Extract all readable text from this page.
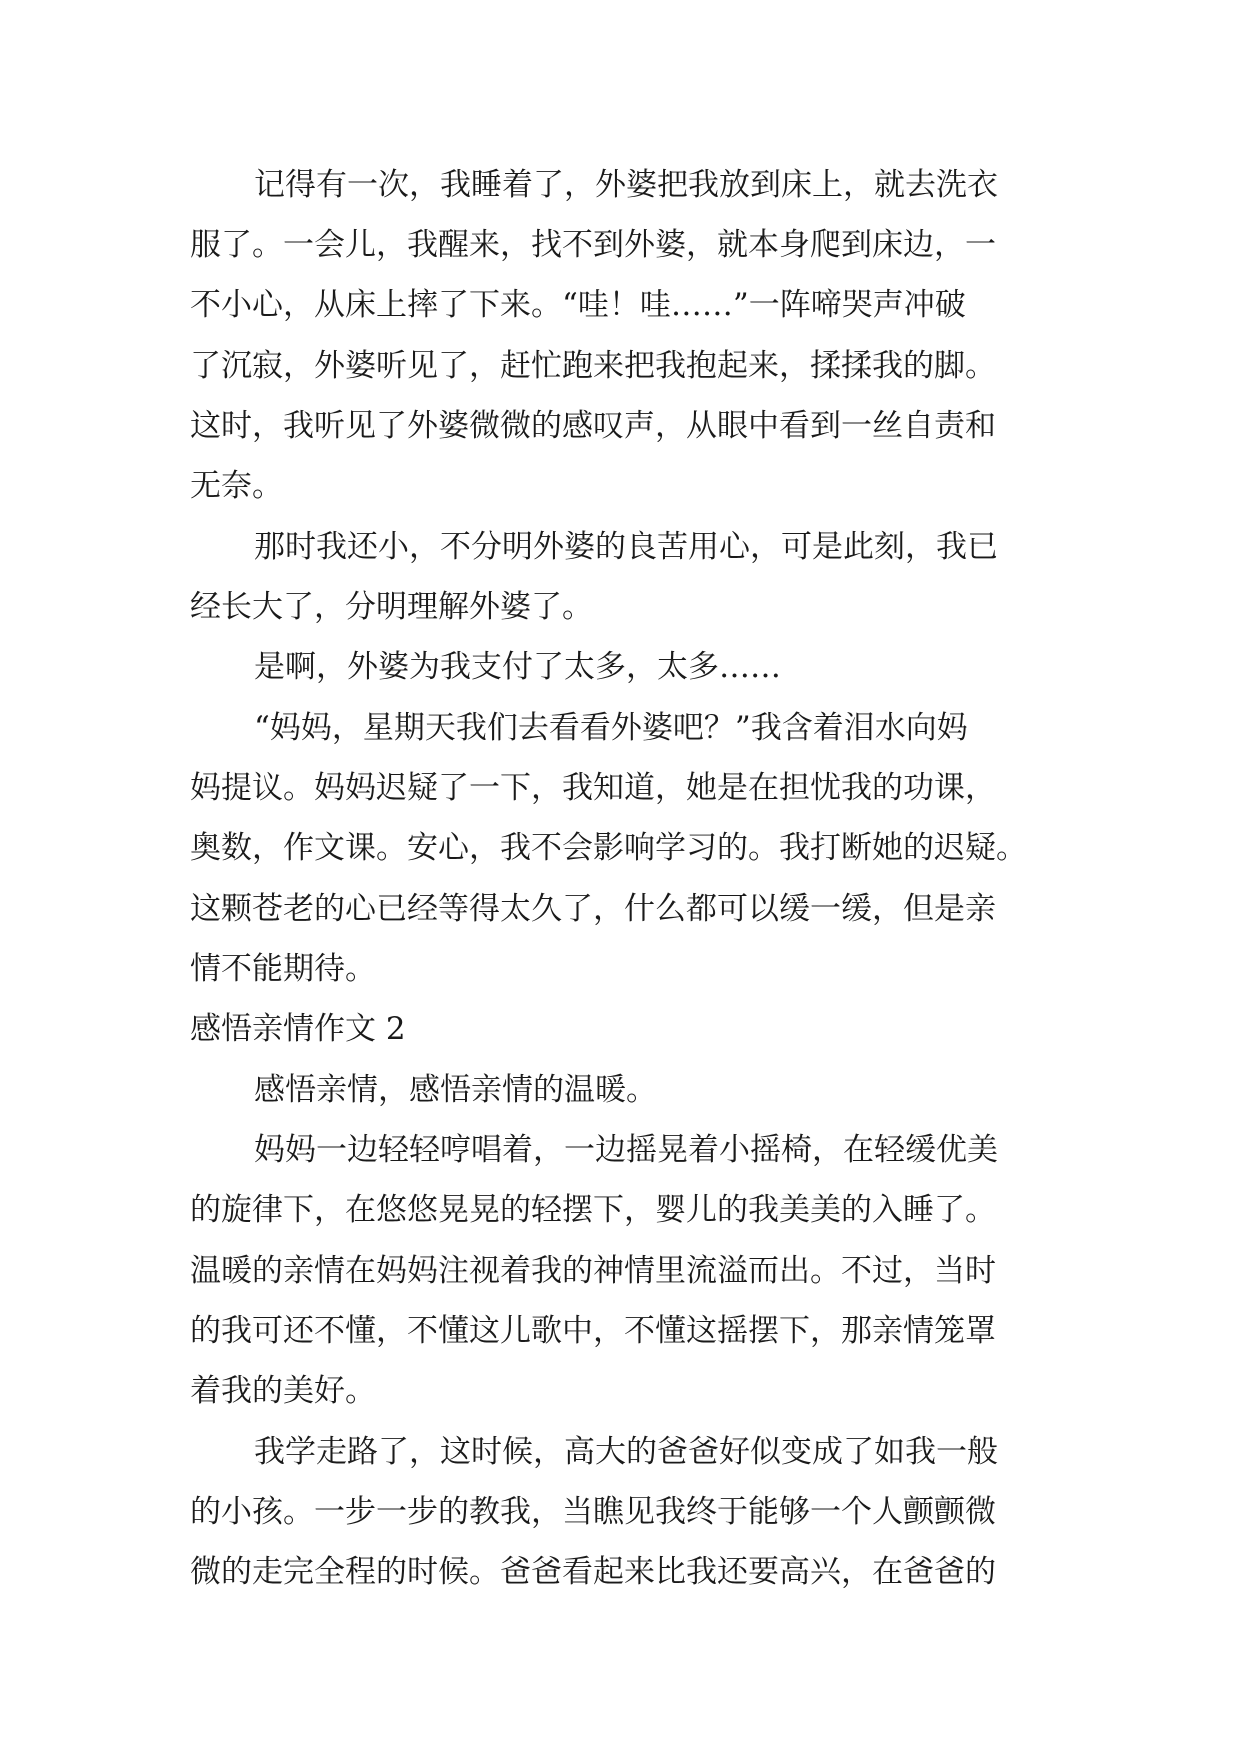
记得有一次，我睡着了，外婆把我放到床上，就去洗衣
服了。一会儿，我醒来，找不到外婆，就本身爬到床边，一
不小心，从床上摔了下来。“哇！哇……”一阵啼哭声冲破
了沉寂，外婆听见了，赶忙跑来把我抱起来，揉揉我的脚。
这时，我听见了外婆微微的感叹声，从眼中看到一丝自责和
无奈。
那时我还小，不分明外婆的良苦用心，可是此刻，我已
经长大了，分明理解外婆了。
是啊，外婆为我支付了太多，太多……
“妈妈，星期天我们去看看外婆吧？”我含着泪水向妈
妈提议。妈妈迟疑了一下，我知道，她是在担忧我的功课，
奥数，作文课。安心，我不会影响学习的。我打断她的迟疑。
这颗苍老的心已经等得太久了，什么都可以缓一缓，但是亲
情不能期待。
感悟亲情作文 2
感悟亲情，感悟亲情的温暖。
妈妈一边轻轻哼唱着，一边摇晃着小摇椅，在轻缓优美
的旋律下，在悠悠晃晃的轻摆下，婴儿的我美美的入睡了。
温暖的亲情在妈妈注视着我的神情里流溢而出。不过，当时
的我可还不懂，不懂这儿歌中，不懂这摇摆下，那亲情笼罩
着我的美好。
我学走路了，这时候，高大的爸爸好似变成了如我一般
的小孩。一步一步的教我，当瞧见我终于能够一个人颤颤微
微的走完全程的时候。爸爸看起来比我还要高兴，在爸爸的
